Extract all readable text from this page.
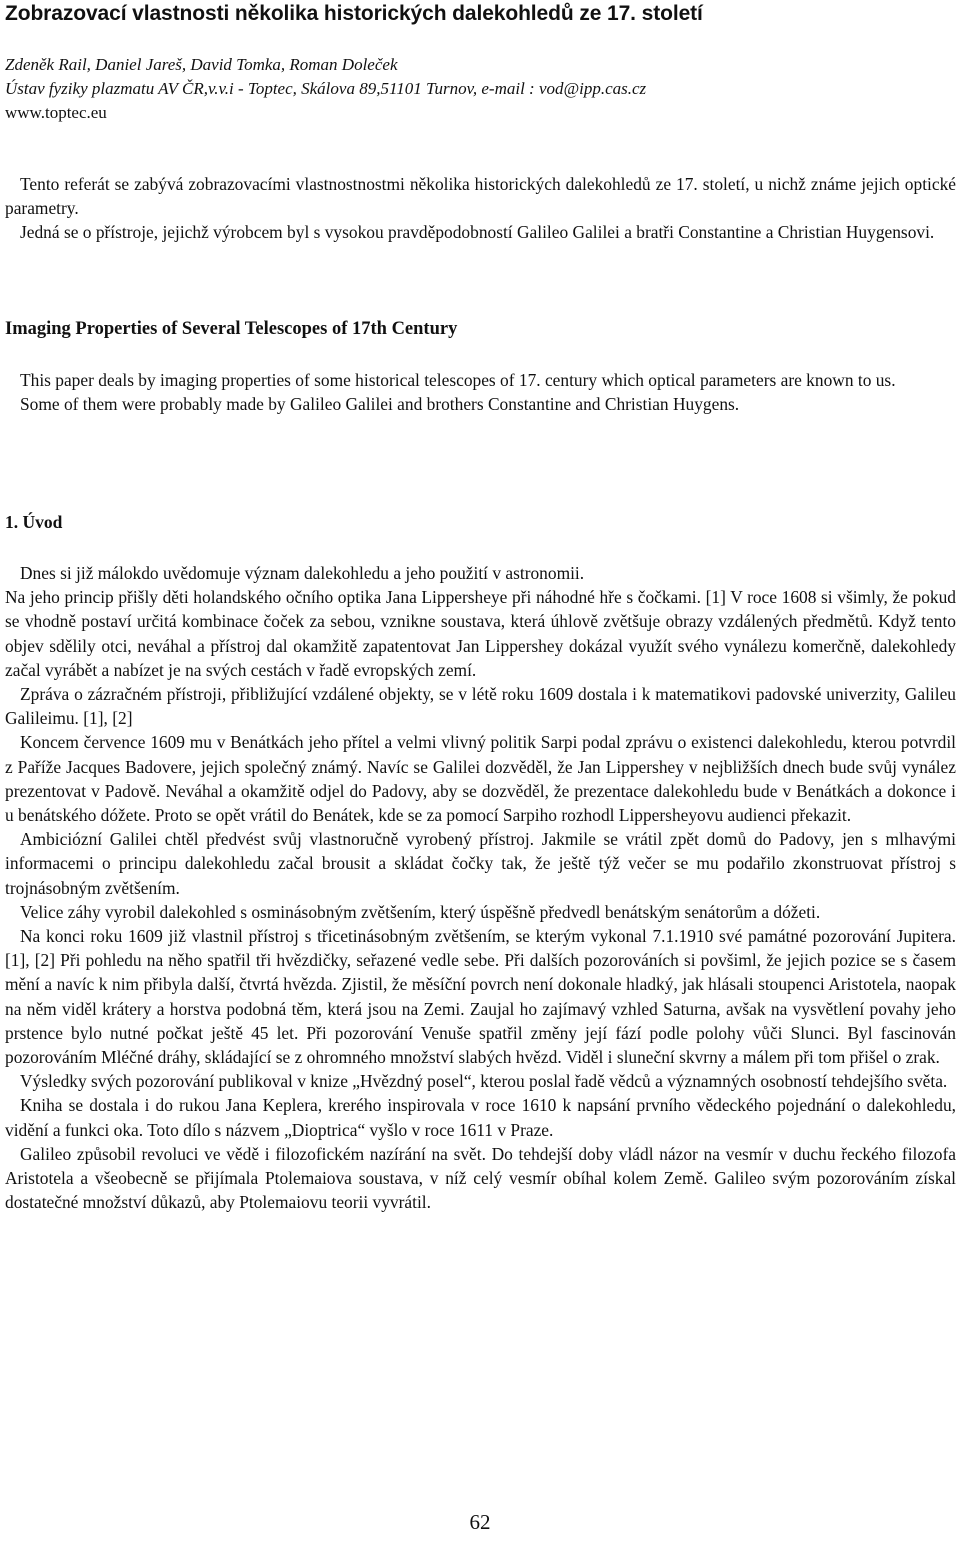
Zobrazovací vlastnosti několika historických dalekohledů ze 17. století
Zdeněk Rail, Daniel Jareš, David Tomka, Roman Doleček
Ústav fyziky plazmatu AV ČR,v.v.i - Toptec, Skálova 89,51101 Turnov, e-mail : vod@ipp.cas.cz
www.toptec.eu

Tento referát se zabývá zobrazovacími vlastnostnostmi několika historických dalekohledů ze 17. století, u nichž známe jejich optické parametry.

Jedná se o přístroje, jejichž výrobcem byl s vysokou pravděpodobností Galileo Galilei a bratři Constantine a Christian Huygensovi.

Imaging Properties of Several Telescopes of 17th Century

This paper deals by imaging properties of some historical telescopes of 17. century which optical parameters are known to us.

Some of them were probably made by Galileo Galilei and brothers Constantine and Christian Huygens.

1. Úvod

Dnes si již málokdo uvědomuje význam dalekohledu a jeho použití v astronomii.

Na jeho princip přišly děti holandského očního optika Jana Lippersheye při náhodné hře s čočkami. [1] V roce 1608 si všimly, že pokud se vhodně postaví určitá kombinace čoček za sebou, vznikne soustava, která úhlově zvětšuje obrazy vzdálených předmětů. Když tento objev sdělily otci, neváhal a přístroj dal okamžitě zapatentovat Jan Lippershey dokázal využít svého vynálezu komerčně, dalekohledy začal vyrábět a nabízet je na svých cestách v řadě evropských zemí.

Zpráva o zázračném přístroji, přibližující vzdálené objekty, se v létě roku 1609 dostala i k matematikovi padovské univerzity, Galileu Galileimu. [1], [2]

Koncem července 1609 mu v Benátkách jeho přítel a velmi vlivný politik Sarpi podal zprávu o existenci dalekohledu, kterou potvrdil z Paříže Jacques Badovere, jejich společný známý. Navíc se Galilei dozvěděl, že Jan Lippershey v nejbližších dnech bude svůj vynález prezentovat v Padově. Neváhal a okamžitě odjel do Padovy, aby se dozvěděl, že prezentace dalekohledu bude v Benátkách a dokonce i u benátského dóžete. Proto se opět vrátil do Benátek, kde se za pomocí Sarpiho rozhodl Lippersheyovu audienci překazit.

Ambiciózní Galilei chtěl předvést svůj vlastnoručně vyrobený přístroj. Jakmile se vrátil zpět domů do Padovy, jen s mlhavými informacemi o principu dalekohledu začal brousit a skládat čočky tak, že ještě týž večer se mu podařilo zkonstruovat přístroj s trojnásobným zvětšením.

Velice záhy vyrobil dalekohled s osminásobným zvětšením, který úspěšně předvedl benátským senátorům a dóžeti.

Na konci roku 1609 již vlastnil přístroj s třicetinásobným zvětšením, se kterým vykonal 7.1.1910 své památné pozorování Jupitera. [1], [2] Při pohledu na něho spatřil tři hvězdičky, seřazené vedle sebe. Při dalších pozorováních si povšiml, že jejich pozice se s časem mění a navíc k nim přibyla další, čtvrtá hvězda. Zjistil, že měsíční povrch není dokonale hladký, jak hlásali stoupenci Aristotela, naopak na něm viděl krátery a horstva podobná těm, která jsou na Zemi. Zaujal ho zajímavý vzhled Saturna, avšak na vysvětlení povahy jeho prstence bylo nutné počkat ještě 45 let. Při pozorování Venuše spatřil změny její fází podle polohy vůči Slunci. Byl fascinován pozorováním Mléčné dráhy, skládající se z ohromného množství slabých hvězd. Viděl i sluneční skvrny a málem při tom přišel o zrak.

Výsledky svých pozorování publikoval v knize „Hvězdný posel“, kterou poslal řadě vědců a významných osobností tehdejšího světa.

Kniha se dostala i do rukou Jana Keplera, krerého inspirovala v roce 1610 k napsání prvního vědeckého pojednání o dalekohledu, vidění a funkci oka. Toto dílo s názvem „Dioptrica“ vyšlo v roce 1611 v Praze.

Galileo způsobil revoluci ve vědě i filozofickém nazírání na svět. Do tehdejší doby vládl názor na vesmír v duchu řeckého filozofa Aristotela a všeobecně se přijímala Ptolemaiova soustava, v níž celý vesmír obíhal kolem Země. Galileo svým pozorováním získal dostatečné množství důkazů, aby Ptolemaiovu teorii vyvrátil.

62
